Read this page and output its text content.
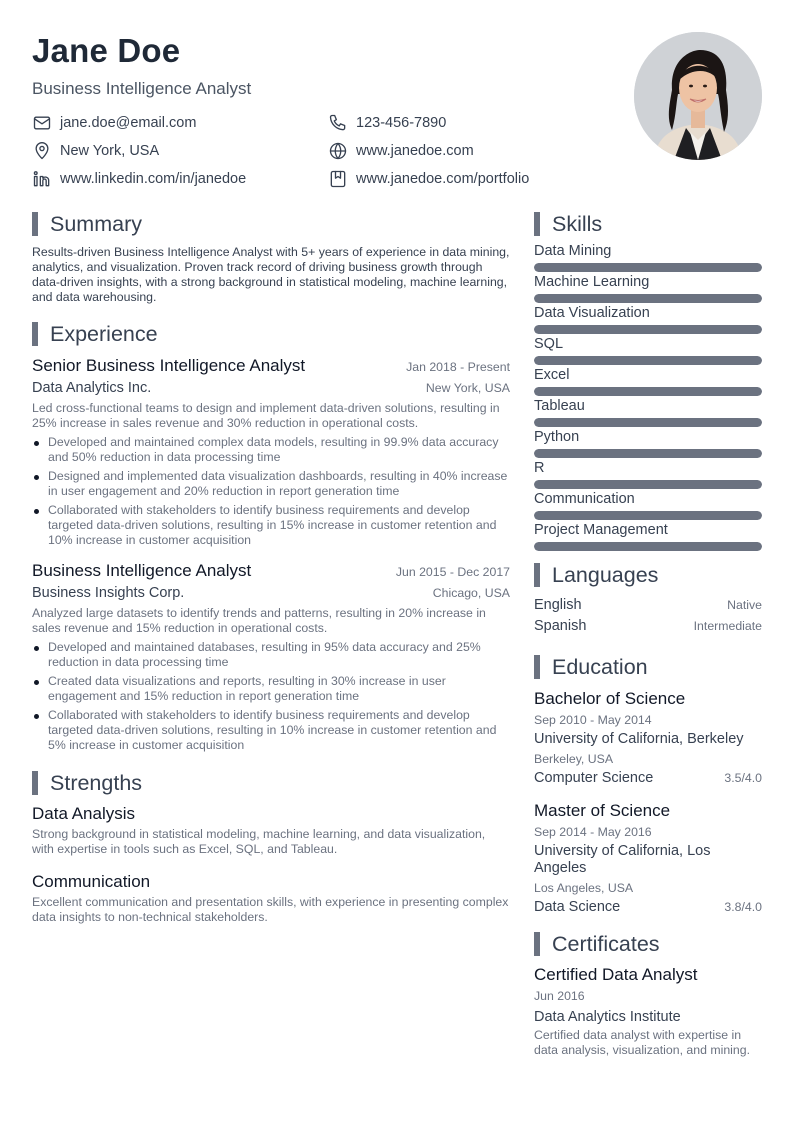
Jane Doe
Business Intelligence Analyst
jane.doe@email.com	123-456-7890
New York, USA	www.janedoe.com
www.linkedin.com/in/janedoe	www.janedoe.com/portfolio
Summary
Results-driven Business Intelligence Analyst with 5+ years of experience in data mining, analytics, and visualization. Proven track record of driving business growth through data-driven insights, with a strong background in statistical modeling, machine learning, and data warehousing.
Experience
Senior Business Intelligence Analyst	Jan 2018 - Present
Data Analytics Inc.	New York, USA
Led cross-functional teams to design and implement data-driven solutions, resulting in 25% increase in sales revenue and 30% reduction in operational costs.
Developed and maintained complex data models, resulting in 99.9% data accuracy and 50% reduction in data processing time
Designed and implemented data visualization dashboards, resulting in 40% increase in user engagement and 20% reduction in report generation time
Collaborated with stakeholders to identify business requirements and develop targeted data-driven solutions, resulting in 15% increase in customer retention and 10% increase in customer acquisition
Business Intelligence Analyst	Jun 2015 - Dec 2017
Business Insights Corp.	Chicago, USA
Analyzed large datasets to identify trends and patterns, resulting in 20% increase in sales revenue and 15% reduction in operational costs.
Developed and maintained databases, resulting in 95% data accuracy and 25% reduction in data processing time
Created data visualizations and reports, resulting in 30% increase in user engagement and 15% reduction in report generation time
Collaborated with stakeholders to identify business requirements and develop targeted data-driven solutions, resulting in 10% increase in customer retention and 5% increase in customer acquisition
Strengths
Data Analysis
Strong background in statistical modeling, machine learning, and data visualization, with expertise in tools such as Excel, SQL, and Tableau.
Communication
Excellent communication and presentation skills, with experience in presenting complex data insights to non-technical stakeholders.
Skills
Data Mining
Machine Learning
Data Visualization
SQL
Excel
Tableau
Python
R
Communication
Project Management
Languages
English	Native
Spanish	Intermediate
Education
Bachelor of Science
Sep 2010 - May 2014
University of California, Berkeley
Berkeley, USA
Computer Science	3.5/4.0
Master of Science
Sep 2014 - May 2016
University of California, Los Angeles
Los Angeles, USA
Data Science	3.8/4.0
Certificates
Certified Data Analyst
Jun 2016
Data Analytics Institute
Certified data analyst with expertise in data analysis, visualization, and mining.
